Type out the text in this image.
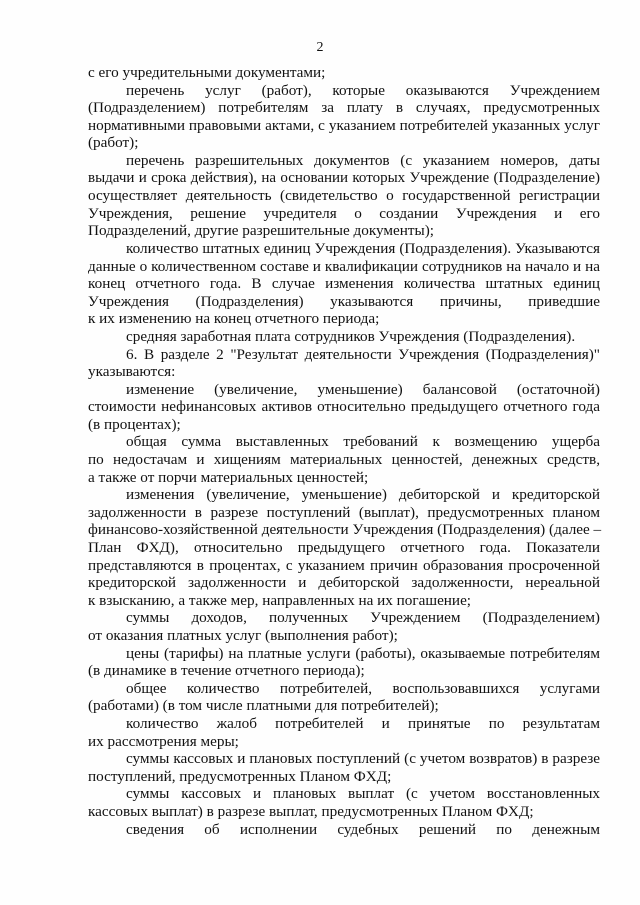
2
с его учредительными документами;
перечень услуг (работ), которые оказываются Учреждением
(Подразделением) потребителям за плату в случаях, предусмотренных
нормативными правовыми актами, с указанием потребителей указанных услуг
(работ);
перечень разрешительных документов (с указанием номеров, даты
выдачи и срока действия), на основании которых Учреждение (Подразделение)
осуществляет деятельность (свидетельство о государственной регистрации
Учреждения, решение учредителя о создании Учреждения и его
Подразделений, другие разрешительные документы);
количество штатных единиц Учреждения (Подразделения). Указываются
данные о количественном составе и квалификации сотрудников на начало и на
конец отчетного года. В случае изменения количества штатных единиц
Учреждения (Подразделения) указываются причины, приведшие
к их изменению на конец отчетного периода;
средняя заработная плата сотрудников Учреждения (Подразделения).
6. В разделе 2 "Результат деятельности Учреждения (Подразделения)"
указываются:
изменение (увеличение, уменьшение) балансовой (остаточной)
стоимости нефинансовых активов относительно предыдущего отчетного года
(в процентах);
общая сумма выставленных требований к возмещению ущерба
по недостачам и хищениям материальных ценностей, денежных средств,
а также от порчи материальных ценностей;
изменения (увеличение, уменьшение) дебиторской и кредиторской
задолженности в разрезе поступлений (выплат), предусмотренных планом
финансово-хозяйственной деятельности Учреждения (Подразделения) (далее –
План ФХД), относительно предыдущего отчетного года. Показатели
представляются в процентах, с указанием причин образования просроченной
кредиторской задолженности и дебиторской задолженности, нереальной
к взысканию, а также мер, направленных на их погашение;
суммы доходов, полученных Учреждением (Подразделением)
от оказания платных услуг (выполнения работ);
цены (тарифы) на платные услуги (работы), оказываемые потребителям
(в динамике в течение отчетного периода);
общее количество потребителей, воспользовавшихся услугами
(работами) (в том числе платными для потребителей);
количество жалоб потребителей и принятые по результатам
их рассмотрения меры;
суммы кассовых и плановых поступлений (с учетом возвратов) в разрезе
поступлений, предусмотренных Планом ФХД;
суммы кассовых и плановых выплат (с учетом восстановленных
кассовых выплат) в разрезе выплат, предусмотренных Планом ФХД;
сведения об исполнении судебных решений по денежным
